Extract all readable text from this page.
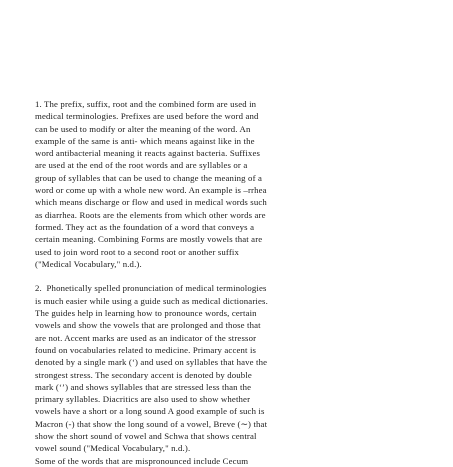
1. The prefix, suffix, root and the combined form are used in
medical terminologies. Prefixes are used before the word and
can be used to modify or alter the meaning of the word. An
example of the same is anti- which means against like in the
word antibacterial meaning it reacts against bacteria. Suffixes
are used at the end of the root words and are syllables or a
group of syllables that can be used to change the meaning of a
word or come up with a whole new word. An example is –rrhea
which means discharge or flow and used in medical words such
as diarrhea. Roots are the elements from which other words are
formed. They act as the foundation of a word that conveys a
certain meaning. Combining Forms are mostly vowels that are
used to join word root to a second root or another suffix
("Medical Vocabulary," n.d.).
2.  Phonetically spelled pronunciation of medical terminologies
is much easier while using a guide such as medical dictionaries.
The guides help in learning how to pronounce words, certain
vowels and show the vowels that are prolonged and those that
are not. Accent marks are used as an indicator of the stressor
found on vocabularies related to medicine. Primary accent is
denoted by a single mark (‘) and used on syllables that have the
strongest stress. The secondary accent is denoted by double
mark (‘’) and shows syllables that are stressed less than the
primary syllables. Diacritics are also used to show whether
vowels have a short or a long sound A good example of such is
Macron (-) that show the long sound of a vowel, Breve (∼) that
show the short sound of vowel and Schwa that shows central
vowel sound ("Medical Vocabulary," n.d.).
Some of the words that are mispronounced include Cecum
